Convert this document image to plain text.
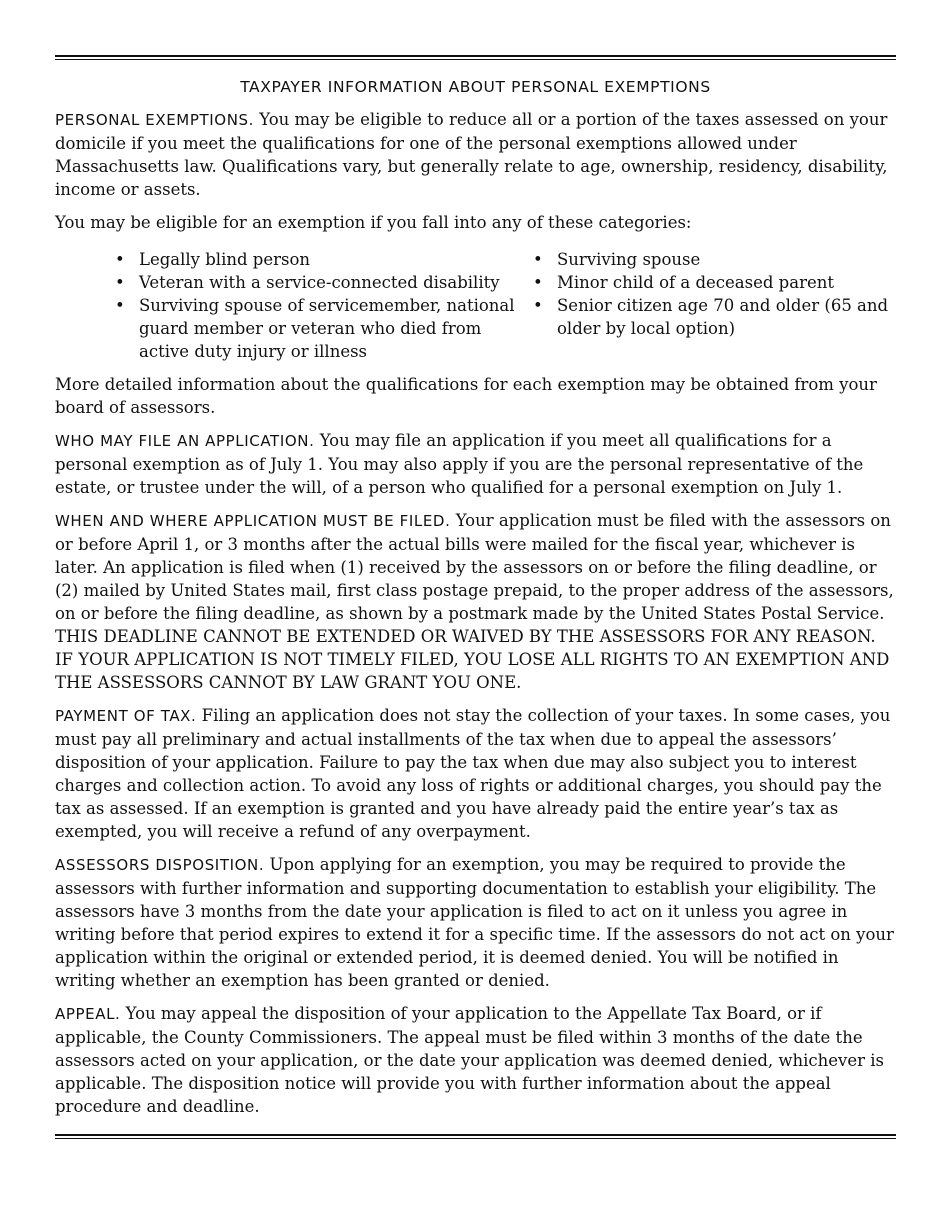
TAXPAYER INFORMATION ABOUT PERSONAL EXEMPTIONS

PERSONAL EXEMPTIONS. You may be eligible to reduce all or a portion of the taxes assessed on your domicile if you meet the qualifications for one of the personal exemptions allowed under Massachusetts law. Qualifications vary, but generally relate to age, ownership, residency, disability, income or assets.

You may be eligible for an exemption if you fall into any of these categories:

• Legally blind person
• Veteran with a service-connected disability
• Surviving spouse of servicemember, national guard member or veteran who died from active duty injury or illness
• Surviving spouse
• Minor child of a deceased parent
• Senior citizen age 70 and older (65 and older by local option)

More detailed information about the qualifications for each exemption may be obtained from your board of assessors.

WHO MAY FILE AN APPLICATION. You may file an application if you meet all qualifications for a personal exemption as of July 1. You may also apply if you are the personal representative of the estate, or trustee under the will, of a person who qualified for a personal exemption on July 1.

WHEN AND WHERE APPLICATION MUST BE FILED. Your application must be filed with the assessors on or before April 1, or 3 months after the actual bills were mailed for the fiscal year, whichever is later. An application is filed when (1) received by the assessors on or before the filing deadline, or (2) mailed by United States mail, first class postage prepaid, to the proper address of the assessors, on or before the filing deadline, as shown by a postmark made by the United States Postal Service. THIS DEADLINE CANNOT BE EXTENDED OR WAIVED BY THE ASSESSORS FOR ANY REASON. IF YOUR APPLICATION IS NOT TIMELY FILED, YOU LOSE ALL RIGHTS TO AN EXEMPTION AND THE ASSESSORS CANNOT BY LAW GRANT YOU ONE.

PAYMENT OF TAX. Filing an application does not stay the collection of your taxes. In some cases, you must pay all preliminary and actual installments of the tax when due to appeal the assessors’ disposition of your application. Failure to pay the tax when due may also subject you to interest charges and collection action. To avoid any loss of rights or additional charges, you should pay the tax as assessed. If an exemption is granted and you have already paid the entire year’s tax as exempted, you will receive a refund of any overpayment.

ASSESSORS DISPOSITION. Upon applying for an exemption, you may be required to provide the assessors with further information and supporting documentation to establish your eligibility. The assessors have 3 months from the date your application is filed to act on it unless you agree in writing before that period expires to extend it for a specific time. If the assessors do not act on your application within the original or extended period, it is deemed denied. You will be notified in writing whether an exemption has been granted or denied.

APPEAL. You may appeal the disposition of your application to the Appellate Tax Board, or if applicable, the County Commissioners. The appeal must be filed within 3 months of the date the assessors acted on your application, or the date your application was deemed denied, whichever is applicable. The disposition notice will provide you with further information about the appeal procedure and deadline.
